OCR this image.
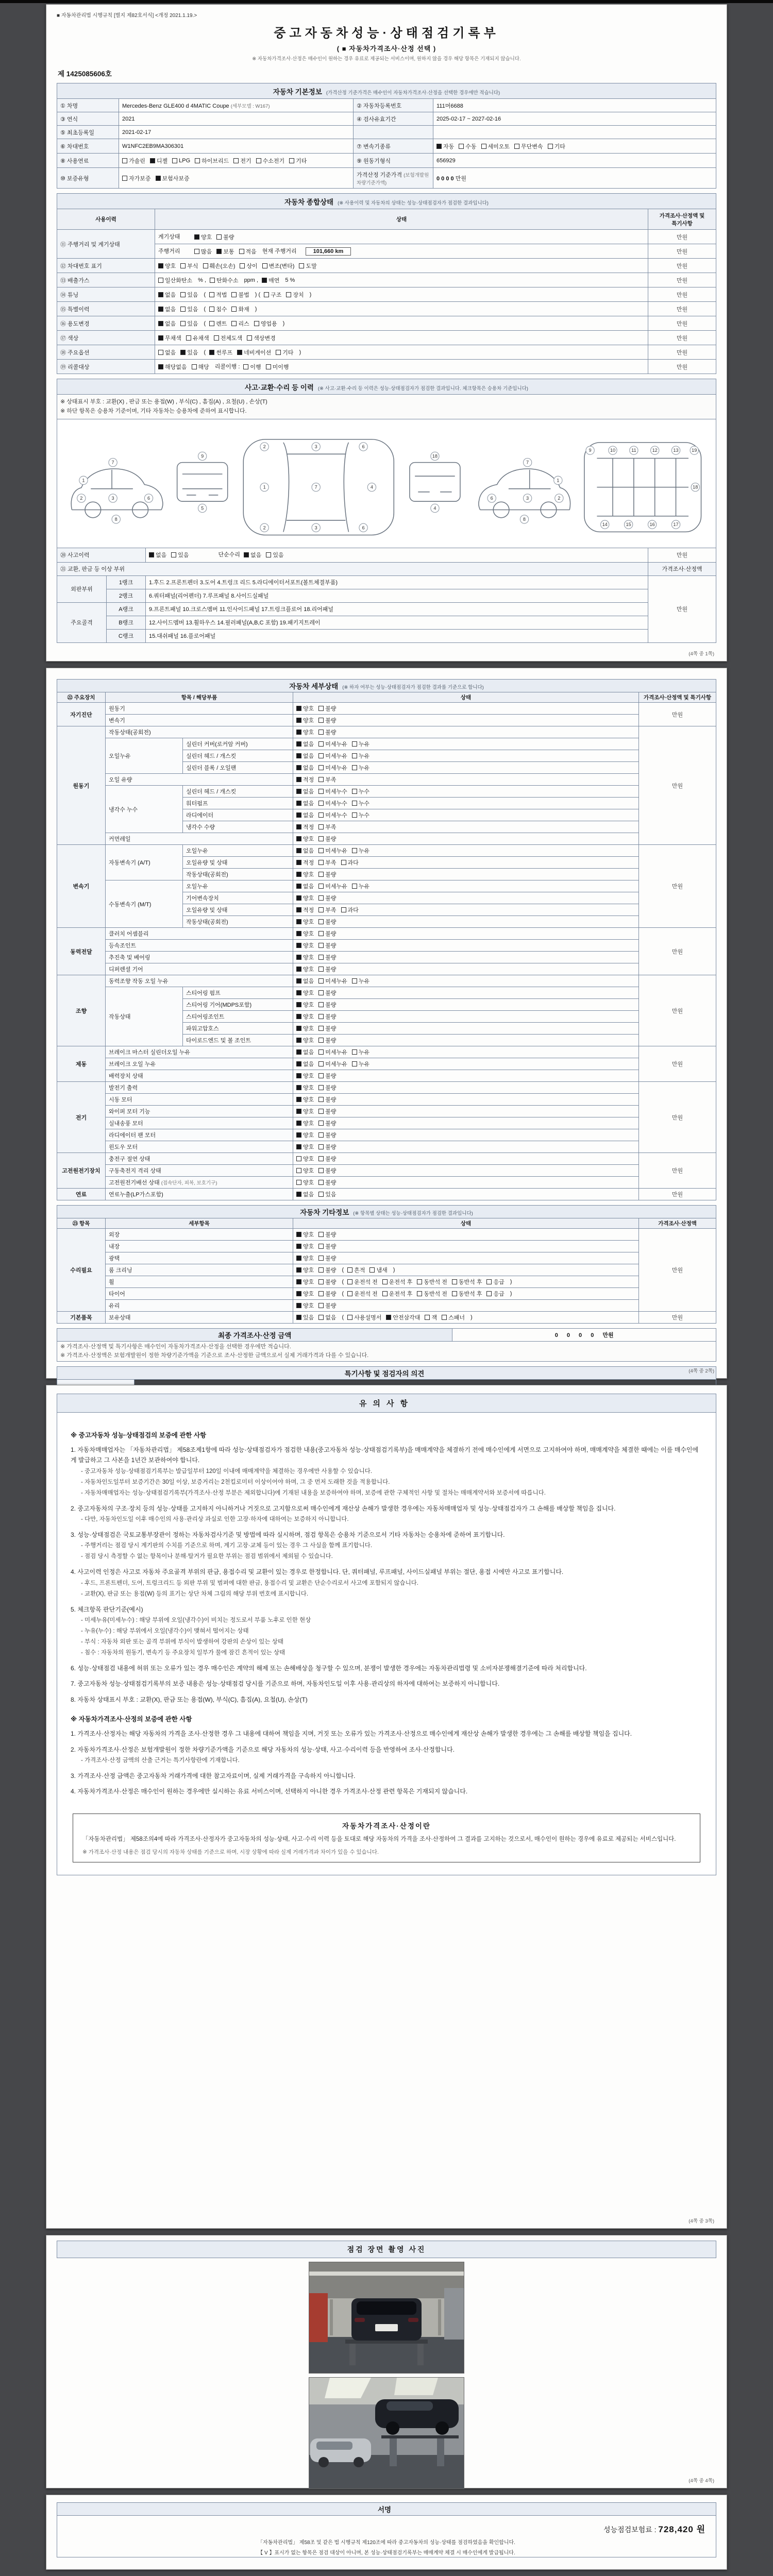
■ 자동차관리법 시행규칙 [별지 제82호서식] <개정 2021.1.19.>
중고자동차성능·상태점검기록부
( ■ 자동차가격조사·산정 선택 )
※ 자동차가격조사·산정은 매수인이 원하는 경우 유료로 제공되는 서비스이며, 원하지 않을 경우 해당 항목은 기재되지 않습니다.
제 1425085606호
자동차 기본정보 (가격산정 기준가격은 매수인이 자동차가격조사·산정을 선택한 경우에만 적습니다)			
① 차명	Mercedes-Benz GLE400 d 4MATIC Coupe (세부모델 : W167)	② 자동차등록번호	111머6688
③ 연식	2021	④ 검사유효기간	2025-02-17 ~ 2027-02-16
⑤ 최초등록일	2021-02-17		
⑥ 차대번호	W1NFC2EB9MA306301	⑦ 변속기종류	자동 수동 세미오토 무단변속 기타

⑧ 사용연료	가솔린 디젤 LPG 하이브리드 전기 수소전기 기타	⑨ 원동기형식	656929
⑩ 보증유형	자가보증 보험사보증	가격산정 기준가격 (보험개발원 차량기준가액)	0 0 0 0 만원
자동차 종합상태 (※ 사용이력 및 자동차의 상태는 성능·상태점검자가 점검한 결과입니다)		
사용이력	상태	가격조사·산정액 및 특기사항
⑪ 주행거리 및 계기상태	계기상태 양호 불량	만원
	주행거리 많음 보통 적음 현재 주행거리 101,660 km	만원
⑫ 차대번호 표기	양호 부식 훼손(오손) 상이 변조(변타) 도말	만원
⑬ 배출가스	일산화탄소 % , 탄화수소 ppm , 매연 5 %	만원
⑭ 튜닝	없음 있음 ( 적법 불법 ) ( 구조 장치 )	만원
⑮ 특별이력	없음 있음 ( 침수 화재 )	만원
⑯ 용도변경	없음 있음 ( 렌트 리스 영업용 )	만원
⑰ 색상	무채색 유채색 전체도색 색상변경	만원
⑱ 주요옵션	없음 있음 ( 썬루프 네비게이션 기타 )	만원
⑲ 리콜대상	해당없음 해당 리콜이행 : 이행 미이행	만원
사고·교환·수리 등 이력 (※ 사고·교환·수리 등 이력은 성능·상태점검자가 점검한 결과입니다. 체크항목은 승용차 기준입니다)			
※ 상태표시 부호 : 교환(X) , 판금 또는 용접(W) , 부식(C) , 흠집(A) , 요철(U) , 손상(T)
※ 하단 항목은 승용차 기준이며, 기타 자동차는 승용차에 준하여 표시합니다.			

1
7
3
8
2	6
9
5
1	7	4
2
2
3
3
6
6
18
4
1
7
3
8
2
6
9	10	11	12	13	19
14	15	16	17
18

⑳ 사고이력		없음 있음 단순수리 없음 있음	만원
㉑ 교환, 판금 등 이상 부위			가격조사·산정액
외판부위	1랭크	1.후드 2.프론트펜더 3.도어 4.트렁크 리드 5.라디에이터서포트(볼트체결부품)	만원
	2랭크	6.쿼터패널(리어펜더) 7.루프패널 8.사이드실패널	
주요골격	A랭크	9.프론트패널 10.크로스멤버 11.인사이드패널 17.트렁크플로어 18.리어패널	
	B랭크	12.사이드멤버 13.휠하우스 14.필러패널(A,B,C 포함) 19.패키지트레이	
	C랭크	15.대쉬패널 16.플로어패널	
(4쪽 중 1쪽)
자동차 세부상태 (※ 하자 여부는 성능·상태점검자가 점검한 결과를 기준으로 합니다)				
㉒ 주요장치	항목 / 해당부품		상태	가격조사·산정액 및 특기사항
자기진단	원동기		양호 불량	만원
	변속기		양호 불량	

원동기	작동상태(공회전)		양호 불량	만원
	오일누유	실린더 커버(로커암 커버)	없음 미세누유 누유	

		실린더 헤드 / 개스킷	없음 미세누유 누유	

		실린더 블록 / 오일팬	없음 미세누유 누유	

	오일 유량		적정 부족	

	냉각수 누수	실린더 헤드 / 개스킷	없음 미세누수 누수	

		워터펌프	없음 미세누수 누수	

		라디에이터	없음 미세누수 누수	

		냉각수 수량	적정 부족	

	커먼레일		양호 불량	

변속기	자동변속기 (A/T)	오일누유	없음 미세누유 누유	만원
		오일유량 및 상태	적정 부족 과다	

		작동상태(공회전)	양호 불량	

	수동변속기 (M/T)	오일누유	없음 미세누유 누유	

		기어변속장치	양호 불량	

		오일유량 및 상태	적정 부족 과다	

		작동상태(공회전)	양호 불량	

동력전달	클러치 어셈블리		양호 불량	만원
	등속조인트		양호 불량	

	추진축 및 베어링		양호 불량	

	디퍼렌셜 기어		양호 불량	

조향	동력조향 작동 오일 누유		없음 미세누유 누유	만원
	작동상태	스티어링 펌프	양호 불량	

		스티어링 기어(MDPS포함)	양호 불량	

		스티어링조인트	양호 불량	

		파워고압호스	양호 불량	

		타이로드엔드 및 볼 조인트	양호 불량	

제동	브레이크 마스터 실린더오일 누유		없음 미세누유 누유	만원
	브레이크 오일 누유		없음 미세누유 누유	

	배력장치 상태		양호 불량	

전기	발전기 출력		양호 불량	만원
	시동 모터		양호 불량	

	와이퍼 모터 기능		양호 불량	

	실내송풍 모터		양호 불량	

	라디에이터 팬 모터		양호 불량	

	윈도우 모터		양호 불량	

고전원전기장치	충전구 절연 상태		양호 불량	만원
	구동축전지 격리 상태		양호 불량	

	고전원전기배선 상태 (접속단자, 피복, 보호기구)		양호 불량	

연료	연료누출(LP가스포함)		없음 있음	만원
자동차 기타정보 (※ 항목별 상태는 성능·상태점검자가 점검한 결과입니다)			
㉓ 항목	세부항목	상태	가격조사·산정액
수리필요	외장	양호 불량	만원
	내장	양호 불량	

	광택	양호 불량	

룸 크리닝	양호 불량 ( 흔적 냄새 )
휠	양호 불량 ( 운전석 전 운전석 후 동반석 전 동반석 후 응급 )
타이어	양호 불량 ( 운전석 전 운전석 후 동반석 전 동반석 후 응급 )
	유리	양호 불량	

기본품목	보유상태	있음 없음 ( 사용설명서 안전삼각대 잭 스패너 )	만원
최종 가격조사·산정 금액	0 0 0 0 만원
※ 가격조사·산정액 및 특기사항은 매수인이 자동차가격조사·산정을 선택한 경우에만 적습니다.
※ 가격조사·산정액은 보험개발원이 정한 차량기준가액을 기준으로 조사·산정한 금액으로서 실제 거래가격과 다를 수 있습니다.
특기사항 및 점검자의 의견	

		(4쪽 중 2쪽)
유의사항
※ 중고자동차 성능·상태점검의 보증에 관한 사항
1. 자동차매매업자는 「자동차관리법」 제58조제1항에 따라 성능·상태점검자가 점검한 내용(중고자동차 성능·상태점검기록부)을 매매계약을 체결하기 전에 매수인에게 서면으로 고지하여야 하며, 매매계약을 체결한 때에는 이를 매수인에게 발급하고 그 사본을 1년간 보관하여야 합니다.
- 중고자동차 성능·상태점검기록부는 발급일부터 120일 이내에 매매계약을 체결하는 경우에만 사용할 수 있습니다.
- 자동차인도일부터 보증기간은 30일 이상, 보증거리는 2천킬로미터 이상이어야 하며, 그 중 먼저 도래한 것을 적용합니다.
- 자동차매매업자는 성능·상태점검기록부(가격조사·산정 부분은 제외합니다)에 기재된 내용을 보증하여야 하며, 보증에 관한 구체적인 사항 및 절차는 매매계약서와 보증서에 따릅니다.
2. 중고자동차의 구조·장치 등의 성능·상태를 고지하지 아니하거나 거짓으로 고지함으로써 매수인에게 재산상 손해가 발생한 경우에는 자동차매매업자 및 성능·상태점검자가 그 손해를 배상할 책임을 집니다.
- 다만, 자동차인도일 이후 매수인의 사용·관리상 과실로 인한 고장·하자에 대하여는 보증하지 아니합니다.
3. 성능·상태점검은 국토교통부장관이 정하는 자동차검사기준 및 방법에 따라 실시하며, 점검 항목은 승용차 기준으로서 기타 자동차는 승용차에 준하여 표기합니다.
- 주행거리는 점검 당시 계기판의 수치를 기준으로 하며, 계기 고장·교체 등이 있는 경우 그 사실을 함께 표기합니다.
- 점검 당시 측정할 수 없는 항목이나 분해·탈거가 필요한 부위는 점검 범위에서 제외될 수 있습니다.
4. 사고이력 인정은 사고로 자동차 주요골격 부위의 판금, 용접수리 및 교환이 있는 경우로 한정합니다. 단, 쿼터패널, 루프패널, 사이드실패널 부위는 절단, 용접 시에만 사고로 표기합니다.
- 후드, 프론트펜더, 도어, 트렁크리드 등 외판 부위 및 범퍼에 대한 판금, 용접수리 및 교환은 단순수리로서 사고에 포함되지 않습니다.
- 교환(X), 판금 또는 용접(W) 등의 표기는 상단 차체 그림의 해당 부위 번호에 표시합니다.
5. 체크항목 판단기준(예시)
- 미세누유(미세누수) : 해당 부위에 오일(냉각수)이 비치는 정도로서 부품 노후로 인한 현상
- 누유(누수) : 해당 부위에서 오일(냉각수)이 맺혀서 떨어지는 상태
- 부식 : 자동차 외판 또는 골격 부위에 부식이 발생하여 강판의 손상이 있는 상태
- 침수 : 자동차의 원동기, 변속기 등 주요장치 일부가 물에 잠긴 흔적이 있는 상태
6. 성능·상태점검 내용에 허위 또는 오류가 있는 경우 매수인은 계약의 해제 또는 손해배상을 청구할 수 있으며, 분쟁이 발생한 경우에는 자동차관리법령 및 소비자분쟁해결기준에 따라 처리합니다.
7. 중고자동차 성능·상태점검기록부의 보증 내용은 성능·상태점검 당시를 기준으로 하며, 자동차인도일 이후 사용·관리상의 하자에 대하여는 보증하지 아니합니다.
8. 자동차 상태표시 부호 : 교환(X), 판금 또는 용접(W), 부식(C), 흠집(A), 요철(U), 손상(T)
※ 자동차가격조사·산정의 보증에 관한 사항
1. 가격조사·산정자는 해당 자동차의 가격을 조사·산정한 경우 그 내용에 대하여 책임을 지며, 거짓 또는 오류가 있는 가격조사·산정으로 매수인에게 재산상 손해가 발생한 경우에는 그 손해를 배상할 책임을 집니다.
2. 자동차가격조사·산정은 보험개발원이 정한 차량기준가액을 기준으로 해당 자동차의 성능·상태, 사고·수리이력 등을 반영하여 조사·산정합니다.
- 가격조사·산정 금액의 산출 근거는 특기사항란에 기재합니다.
3. 가격조사·산정 금액은 중고자동차 거래가격에 대한 참고자료이며, 실제 거래가격을 구속하지 아니합니다.
4. 자동차가격조사·산정은 매수인이 원하는 경우에만 실시하는 유료 서비스이며, 선택하지 아니한 경우 가격조사·산정 관련 항목은 기재되지 않습니다.
자동차가격조사·산정이란
「자동차관리법」 제58조의4에 따라 가격조사·산정자가 중고자동차의 성능·상태, 사고·수리 이력 등을 토대로 해당 자동차의 가격을 조사·산정하여 그 결과를 고지하는 것으로서, 매수인이 원하는 경우에 유료로 제공되는 서비스입니다.
※ 가격조사·산정 내용은 점검 당시의 자동차 상태를 기준으로 하며, 시장 상황에 따라 실제 거래가격과 차이가 있을 수 있습니다.
(4쪽 중 3쪽)
점검 장면 촬영 사진
(4쪽 중 4쪽)
서명

성능점검보험료 : 728,420 원
「자동차관리법」 제58조 및 같은 법 시행규칙 제120조에 따라 중고자동차의 성능·상태를 점검하였음을 확인합니다.
【 V 】표시가 없는 항목은 점검 대상이 아니며, 본 성능·상태점검기록부는 매매계약 체결 시 매수인에게 발급됩니다.
